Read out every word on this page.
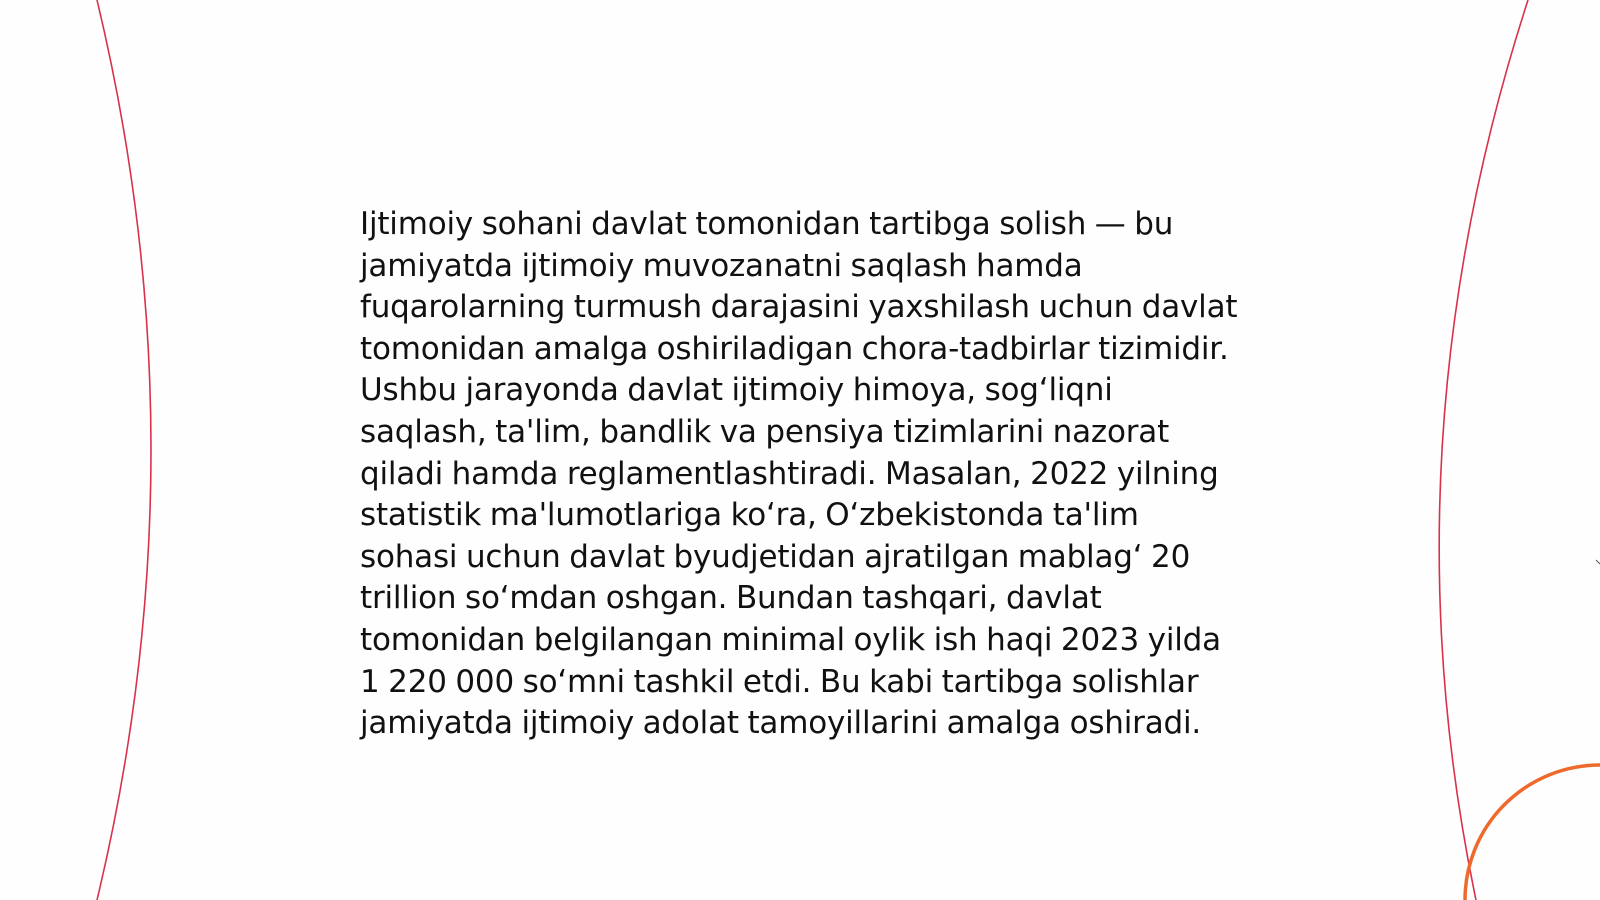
Ijtimoiy sohani davlat tomonidan tartibga solish — bu jamiyatda ijtimoiy muvozanatni saqlash hamda fuqarolarning turmush darajasini yaxshilash uchun davlat tomonidan amalga oshiriladigan chora-tadbirlar tizimidir. Ushbu jarayonda davlat ijtimoiy himoya, sogʻliqni saqlash, ta'lim, bandlik va pensiya tizimlarini nazorat qiladi hamda reglamentlashtiradi. Masalan, 2022 yilning statistik ma'lumotlariga koʻra, Oʻzbekistonda ta'lim sohasi uchun davlat byudjetidan ajratilgan mablagʻ 20 trillion soʻmdan oshgan. Bundan tashqari, davlat tomonidan belgilangan minimal oylik ish haqi 2023 yilda 1 220 000 soʻmni tashkil etdi. Bu kabi tartibga solishlar jamiyatda ijtimoiy adolat tamoyillarini amalga oshiradi.
